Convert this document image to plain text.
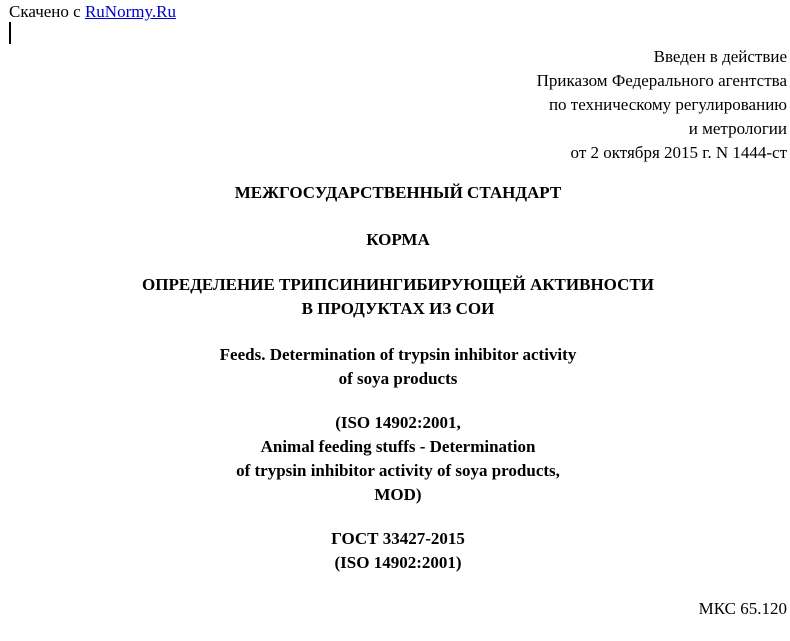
Скачено с RuNormy.Ru
Введен в действие
Приказом Федерального агентства
по техническому регулированию
и метрологии
от 2 октября 2015 г. N 1444-ст
МЕЖГОСУДАРСТВЕННЫЙ СТАНДАРТ
КОРМА
ОПРЕДЕЛЕНИЕ ТРИПСИНИНГИБИРУЮЩЕЙ АКТИВНОСТИ
В ПРОДУКТАХ ИЗ СОИ
Feeds. Determination of trypsin inhibitor activity
of soya products
(ISO 14902:2001,
Animal feeding stuffs - Determination
of trypsin inhibitor activity of soya products,
MOD)
ГОСТ 33427-2015
(ISO 14902:2001)
МКС 65.120
